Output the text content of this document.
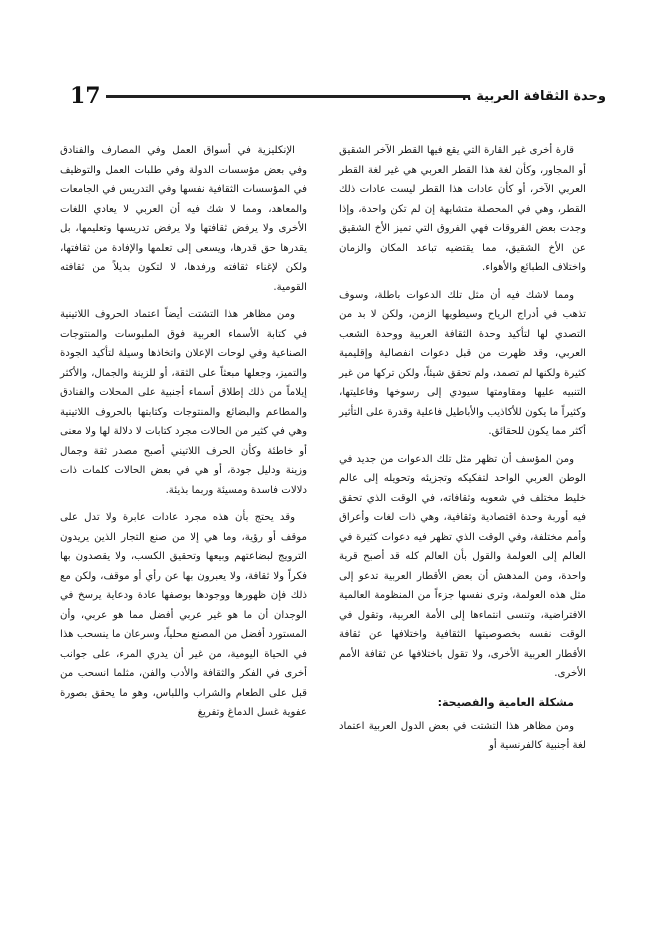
17	وحدة الثقافة العربية ..

قارة أخرى غير القارة التي يقع فيها القطر الآخر الشقيق أو المجاور، وكأن لغة هذا القطر العربي هي غير لغة القطر العربي الآخر، أو كأن عادات هذا القطر ليست عادات ذلك القطر، وهي في المحصلة متشابهة إن لم تكن واحدة، وإذا وجدت بعض الفروقات فهي الفروق التي تميز الأخ الشقيق عن الأخ الشقيق، مما يقتضيه تباعد المكان والزمان واختلاف الطبائع والأهواء.

ومما لاشك فيه أن مثل تلك الدعوات باطلة، وسوف تذهب في أدراج الرياح وسيطويها الزمن، ولكن لا بد من التصدي لها لتأكيد وحدة الثقافة العربية ووحدة الشعب العربي، وقد ظهرت من قبل دعوات انفصالية وإقليمية كثيرة ولكنها لم تصمد، ولم تحقق شيئاً، ولكن تركها من غير التنبيه عليها ومقاومتها سيودي إلى رسوخها وفاعليتها، وكثيراً ما يكون للأكاذيب والأباطيل فاعلية وقدرة على التأثير أكثر مما يكون للحقائق.

ومن المؤسف أن تظهر مثل تلك الدعوات من جديد في الوطن العربي الواحد لتفكيكه وتجزيئه وتحويله إلى عالم خليط مختلف في شعوبه وثقافاته، في الوقت الذي تحقق فيه أوربة وحدة اقتصادية وثقافية، وهي ذات لغات وأعراق وأمم مختلفة، وفي الوقت الذي تظهر فيه دعوات كثيرة في العالم إلى العولمة والقول بأن العالم كله قد أصبح قرية واحدة، ومن المدهش أن بعض الأقطار العربية تدعو إلى مثل هذه العولمة، وترى نفسها جزءاً من المنظومة العالمية الافتراضية، وتنسى انتماءها إلى الأمة العربية، وتقول في الوقت نفسه بخصوصيتها الثقافية واختلافها عن ثقافة الأقطار العربية الأخرى، ولا تقول باختلافها عن ثقافة الأمم الأخرى.

مشكلة العامية والفصيحة:

ومن مظاهر هذا التشتت في بعض الدول العربية اعتماد لغة أجنبية كالفرنسية أو

الإنكليزية في أسواق العمل وفي المصارف والفنادق وفي بعض مؤسسات الدولة وفي طلبات العمل والتوظيف في المؤسسات الثقافية نفسها وفي التدريس في الجامعات والمعاهد، ومما لا شك فيه أن العربي لا يعادي اللغات الأخرى ولا يرفض ثقافتها ولا يرفض تدريسها وتعليمها، بل يقدرها حق قدرها، ويسعى إلى تعلمها والإفادة من ثقافتها، ولكن لإغناء ثقافته ورفدها، لا لتكون بديلاً من ثقافته القومية.

ومن مظاهر هذا التشتت أيضاً اعتماد الحروف اللاتينية في كتابة الأسماء العربية فوق الملبوسات والمنتوجات الصناعية وفي لوحات الإعلان واتخاذها وسيلة لتأكيد الجودة والتميز، وجعلها مبعثاً على الثقة، أو للزينة والجمال، والأكثر إيلاماً من ذلك إطلاق أسماء أجنبية على المحلات والفنادق والمطاعم والبضائع والمنتوجات وكتابتها بالحروف اللاتينية وهي في كثير من الحالات مجرد كتابات لا دلالة لها ولا معنى أو خاطئة وكأن الحرف اللاتيني أصبح مصدر ثقة وجمال وزينة ودليل جودة، أو هي في بعض الحالات كلمات ذات دلالات فاسدة ومسيئة وربما بذيئة.

وقد يحتج بأن هذه مجرد عادات عابرة ولا تدل على موقف أو رؤية، وما هي إلا من صنع التجار الذين يريدون الترويج لبضاعتهم وبيعها وتحقيق الكسب، ولا يقصدون بها فكراً ولا ثقافة، ولا يعبرون بها عن رأي أو موقف، ولكن مع ذلك فإن ظهورها ووجودها بوصفها عادة ودعاية يرسخ في الوجدان أن ما هو غير عربي أفضل مما هو عربي، وأن المستورد أفضل من المصنع محلياً، وسرعان ما ينسحب هذا في الحياة اليومية، من غير أن يدري المرء، على جوانب أخرى في الفكر والثقافة والأدب والفن، مثلما انسحب من قبل على الطعام والشراب واللباس، وهو ما يحقق بصورة عفوية غسل الدماغ وتفريغ
